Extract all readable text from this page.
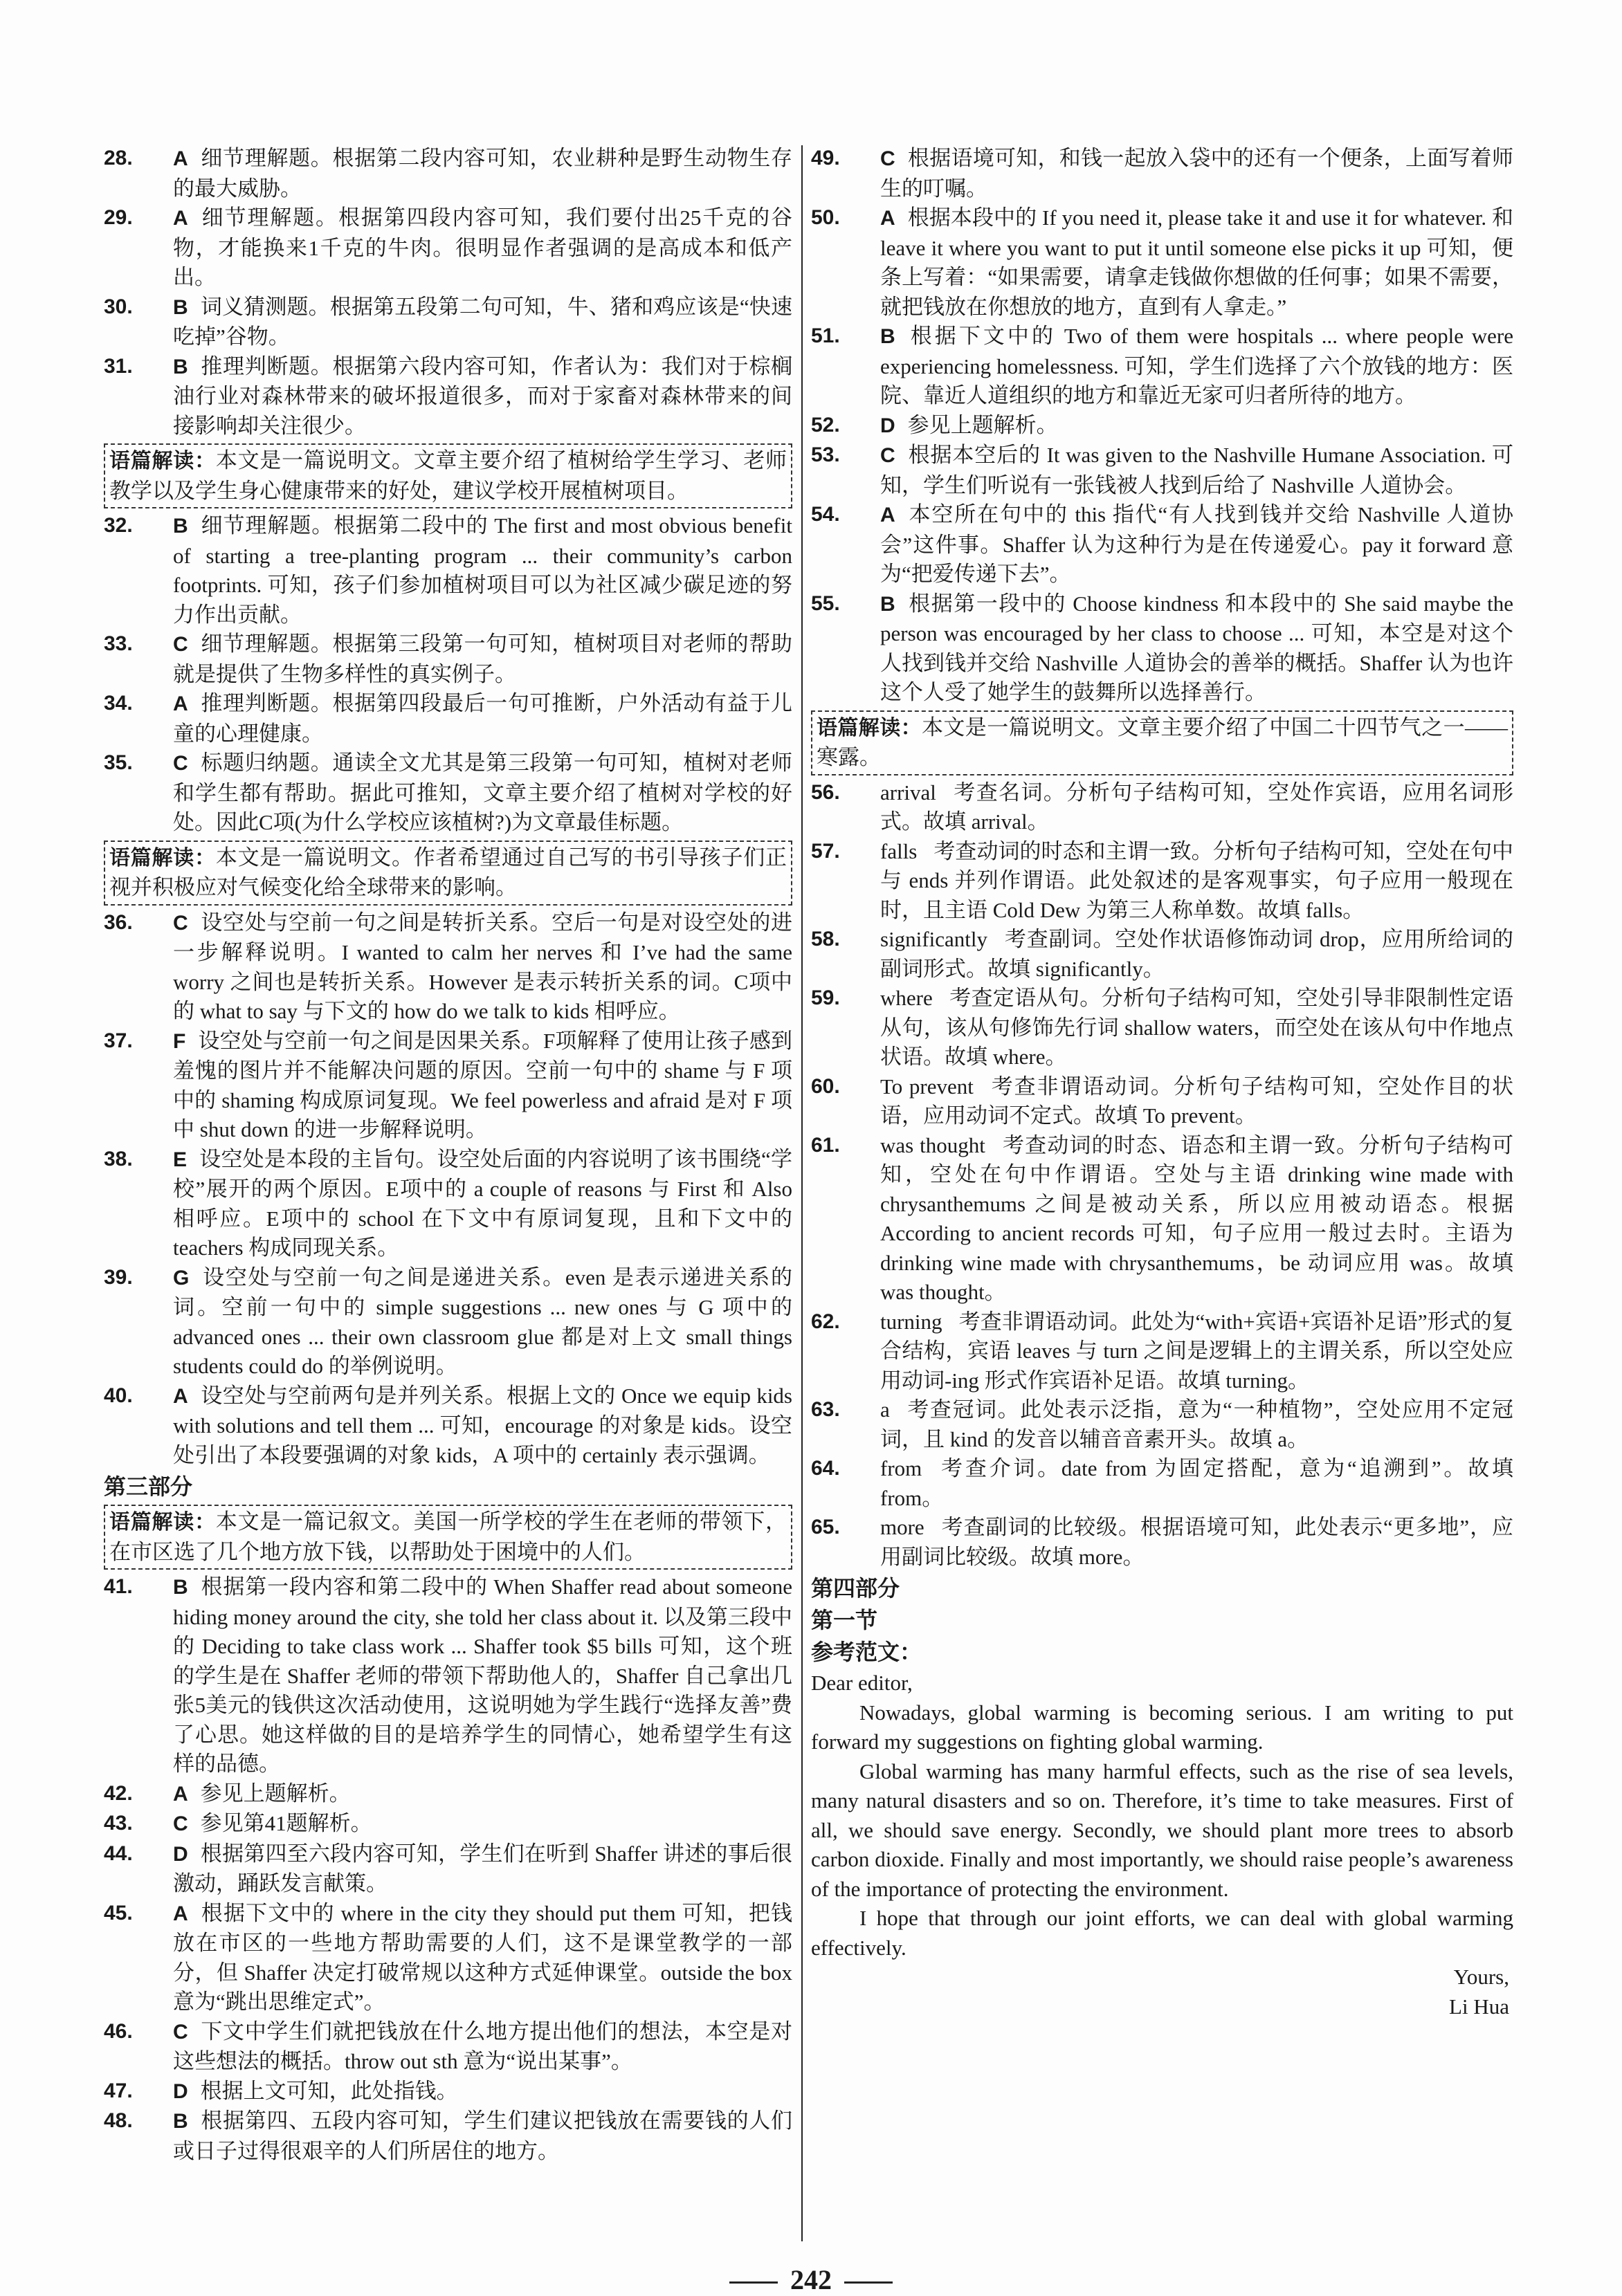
28. A 细节理解题。根据第二段内容可知，农业耕种是野生动物生存的最大威胁。
29. A 细节理解题。根据第四段内容可知，我们要付出25千克的谷物，才能换来1千克的牛肉。很明显作者强调的是高成本和低产出。
30. B 词义猜测题。根据第五段第二句可知，牛、猪和鸡应该是“快速吃掉”谷物。
31. B 推理判断题。根据第六段内容可知，作者认为：我们对于棕榈油行业对森林带来的破坏报道很多，而对于家畜对森林带来的间接影响却关注很少。
语篇解读：本文是一篇说明文。文章主要介绍了植树给学生学习、老师教学以及学生身心健康带来的好处，建议学校开展植树项目。
32. B 细节理解题。根据第二段中的 The first and most obvious benefit of starting a tree-planting program ... their community’s carbon footprints. 可知，孩子们参加植树项目可以为社区减少碳足迹的努力作出贡献。
33. C 细节理解题。根据第三段第一句可知，植树项目对老师的帮助就是提供了生物多样性的真实例子。
34. A 推理判断题。根据第四段最后一句可推断，户外活动有益于儿童的心理健康。
35. C 标题归纳题。通读全文尤其是第三段第一句可知，植树对老师和学生都有帮助。据此可推知，文章主要介绍了植树对学校的好处。因此C项(为什么学校应该植树?)为文章最佳标题。
语篇解读：本文是一篇说明文。作者希望通过自己写的书引导孩子们正视并积极应对气候变化给全球带来的影响。
36. C 设空处与空前一句之间是转折关系。空后一句是对设空处的进一步解释说明。I wanted to calm her nerves 和 I’ve had the same worry 之间也是转折关系。However 是表示转折关系的词。C项中的 what to say 与下文的 how do we talk to kids 相呼应。
37. F 设空处与空前一句之间是因果关系。F项解释了使用让孩子感到羞愧的图片并不能解决问题的原因。空前一句中的 shame 与 F 项中的 shaming 构成原词复现。We feel powerless and afraid 是对 F 项中 shut down 的进一步解释说明。
38. E 设空处是本段的主旨句。设空处后面的内容说明了该书围绕“学校”展开的两个原因。E项中的 a couple of reasons 与 First 和 Also 相呼应。E项中的 school 在下文中有原词复现，且和下文中的 teachers 构成同现关系。
39. G 设空处与空前一句之间是递进关系。even 是表示递进关系的词。空前一句中的 simple suggestions ... new ones 与 G 项中的 advanced ones ... their own classroom glue 都是对上文 small things students could do 的举例说明。
40. A 设空处与空前两句是并列关系。根据上文的 Once we equip kids with solutions and tell them ... 可知，encourage 的对象是 kids。设空处引出了本段要强调的对象 kids，A 项中的 certainly 表示强调。
第三部分
语篇解读：本文是一篇记叙文。美国一所学校的学生在老师的带领下，在市区选了几个地方放下钱，以帮助处于困境中的人们。
41. B 根据第一段内容和第二段中的 When Shaffer read about someone hiding money around the city, she told her class about it. 以及第三段中的 Deciding to take class work ... Shaffer took $5 bills 可知，这个班的学生是在 Shaffer 老师的带领下帮助他人的，Shaffer 自己拿出几张5美元的钱供这次活动使用，这说明她为学生践行“选择友善”费了心思。她这样做的目的是培养学生的同情心，她希望学生有这样的品德。
42. A 参见上题解析。
43. C 参见第41题解析。
44. D 根据第四至六段内容可知，学生们在听到 Shaffer 讲述的事后很激动，踊跃发言献策。
45. A 根据下文中的 where in the city they should put them 可知，把钱放在市区的一些地方帮助需要的人们，这不是课堂教学的一部分，但 Shaffer 决定打破常规以这种方式延伸课堂。outside the box 意为“跳出思维定式”。
46. C 下文中学生们就把钱放在什么地方提出他们的想法，本空是对这些想法的概括。throw out sth 意为“说出某事”。
47. D 根据上文可知，此处指钱。
48. B 根据第四、五段内容可知，学生们建议把钱放在需要钱的人们或日子过得很艰辛的人们所居住的地方。
49. C 根据语境可知，和钱一起放入袋中的还有一个便条，上面写着师生的叮嘱。
50. A 根据本段中的 If you need it, please take it and use it for whatever. 和 leave it where you want to put it until someone else picks it up 可知，便条上写着：“如果需要，请拿走钱做你想做的任何事；如果不需要，就把钱放在你想放的地方，直到有人拿走。”
51. B 根据下文中的 Two of them were hospitals ... where people were experiencing homelessness. 可知，学生们选择了六个放钱的地方：医院、靠近人道组织的地方和靠近无家可归者所待的地方。
52. D 参见上题解析。
53. C 根据本空后的 It was given to the Nashville Humane Association. 可知，学生们听说有一张钱被人找到后给了 Nashville 人道协会。
54. A 本空所在句中的 this 指代“有人找到钱并交给 Nashville 人道协会”这件事。Shaffer 认为这种行为是在传递爱心。pay it forward 意为“把爱传递下去”。
55. B 根据第一段中的 Choose kindness 和本段中的 She said maybe the person was encouraged by her class to choose ... 可知，本空是对这个人找到钱并交给 Nashville 人道协会的善举的概括。Shaffer 认为也许这个人受了她学生的鼓舞所以选择善行。
语篇解读：本文是一篇说明文。文章主要介绍了中国二十四节气之一——寒露。
56. arrival 考查名词。分析句子结构可知，空处作宾语，应用名词形式。故填 arrival。
57. falls 考查动词的时态和主谓一致。分析句子结构可知，空处在句中与 ends 并列作谓语。此处叙述的是客观事实，句子应用一般现在时，且主语 Cold Dew 为第三人称单数。故填 falls。
58. significantly 考查副词。空处作状语修饰动词 drop，应用所给词的副词形式。故填 significantly。
59. where 考查定语从句。分析句子结构可知，空处引导非限制性定语从句，该从句修饰先行词 shallow waters，而空处在该从句中作地点状语。故填 where。
60. To prevent 考查非谓语动词。分析句子结构可知，空处作目的状语，应用动词不定式。故填 To prevent。
61. was thought 考查动词的时态、语态和主谓一致。分析句子结构可知，空处在句中作谓语。空处与主语 drinking wine made with chrysanthemums 之间是被动关系，所以应用被动语态。根据 According to ancient records 可知，句子应用一般过去时。主语为 drinking wine made with chrysanthemums，be 动词应用 was。故填 was thought。
62. turning 考查非谓语动词。此处为“with+宾语+宾语补足语”形式的复合结构，宾语 leaves 与 turn 之间是逻辑上的主谓关系，所以空处应用动词-ing 形式作宾语补足语。故填 turning。
63. a 考查冠词。此处表示泛指，意为“一种植物”，空处应用不定冠词，且 kind 的发音以辅音音素开头。故填 a。
64. from 考查介词。date from 为固定搭配，意为“追溯到”。故填 from。
65. more 考查副词的比较级。根据语境可知，此处表示“更多地”，应用副词比较级。故填 more。
第四部分
第一节
参考范文：

Dear editor,

Nowadays, global warming is becoming serious. I am writing to put forward my suggestions on fighting global warming.

Global warming has many harmful effects, such as the rise of sea levels, many natural disasters and so on. Therefore, it’s time to take measures. First of all, we should save energy. Secondly, we should plant more trees to absorb carbon dioxide. Finally and most importantly, we should raise people’s awareness of the importance of protecting the environment.

I hope that through our joint efforts, we can deal with global warming effectively.

Yours,

Li Hua

242
